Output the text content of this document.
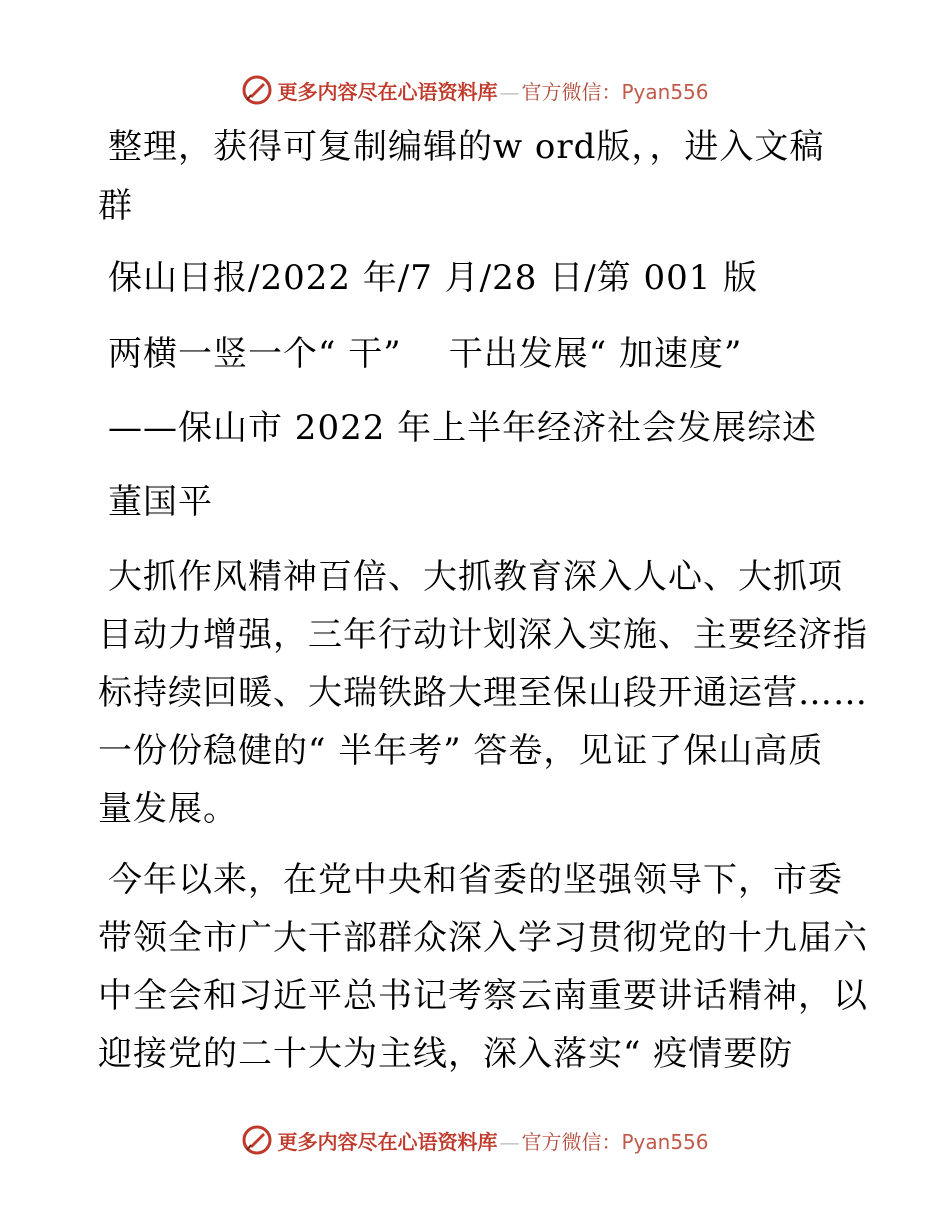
更多内容尽在心语资料库 — 官方微信： Pyan556
整理，获得可复制编辑的w ord版，，进入文稿
群
保山日报/2022 年/7 月/28 日/第 001 版
两横一竖一个“ 干”    干出发展“ 加速度”
——保山市 2022 年上半年经济社会发展综述
董国平
大抓作风精神百倍、大抓教育深入人心、大抓项
目动力增强，三年行动计划深入实施、主要经济指
标持续回暖、大瑞铁路大理至保山段开通运营……
一份份稳健的“ 半年考” 答卷，见证了保山高质
量发展。
今年以来，在党中央和省委的坚强领导下，市委
带领全市广大干部群众深入学习贯彻党的十九届六
中全会和习近平总书记考察云南重要讲话精神，以
迎接党的二十大为主线，深入落实“ 疫情要防
更多内容尽在心语资料库 — 官方微信： Pyan556
